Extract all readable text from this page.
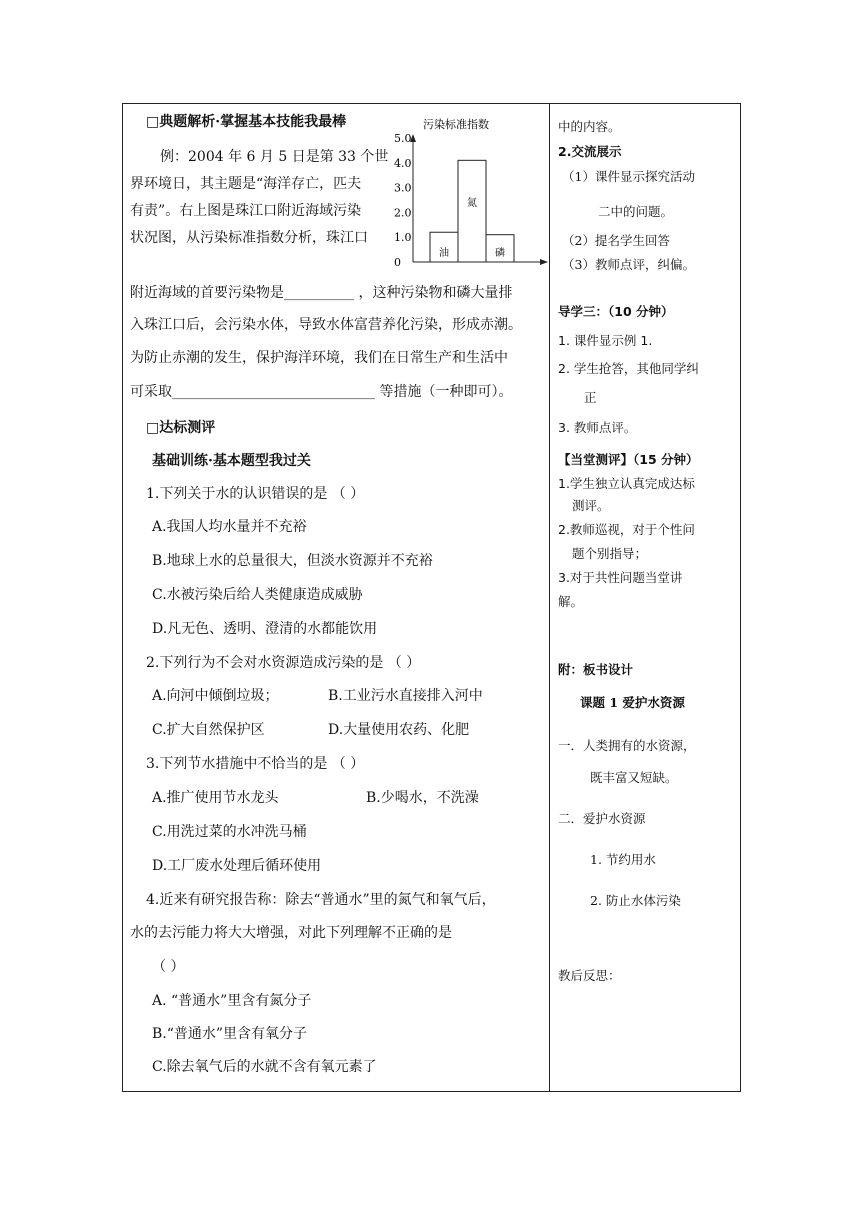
□典题解析·掌握基本技能我最棒
例：2004 年 6 月 5 日是第 33 个世
界环境日，其主题是“海洋存亡，匹夫
有责”。右上图是珠江口附近海域污染
状况图，从污染标准指数分析，珠江口
附近海域的首要污染物是__________ ，这种污染物和磷大量排
入珠江口后，会污染水体，导致水体富营养化污染，形成赤潮。
为防止赤潮的发生，保护海洋环境，我们在日常生产和生活中
可采取_____________________________ 等措施（一种即可）。
□达标测评
基础训练·基本题型我过关
1.下列关于水的认识错误的是 （ ）
A.我国人均水量并不充裕
B.地球上水的总量很大，但淡水资源并不充裕
C.水被污染后给人类健康造成威胁
D.凡无色、透明、澄清的水都能饮用
2.下列行为不会对水资源造成污染的是 （ ）
A.向河中倾倒垃圾；	B.工业污水直接排入河中
C.扩大自然保护区	D.大量使用农药、化肥
3.下列节水措施中不恰当的是 （ ）
A.推广使用节水龙头	B.少喝水，不洗澡
C.用洗过菜的水冲洗马桶
D.工厂废水处理后循环使用
4.近来有研究报告称：除去“普通水”里的氮气和氧气后，
水的去污能力将大大增强，对此下列理解不正确的是
（ ）
A. “普通水”里含有氮分子
B.“普通水”里含有氧分子
C.除去氧气后的水就不含有氧元素了
污染标准指数
0
1.0
2.0
3.0
4.0
5.0
油
氮
磷
中的内容。
2.交流展示
（1）课件显示探究活动
二中的问题。
（2）提名学生回答
（3）教师点评，纠偏。
导学三：（10 分钟）
1. 课件显示例 1.
2. 学生抢答，其他同学纠
正
3. 教师点评。
【当堂测评】（15 分钟）
1.学生独立认真完成达标
测评。
2.教师巡视，对于个性问
题个别指导；
3.对于共性问题当堂讲
解。
附：板书设计
课题 1 爱护水资源
一．人类拥有的水资源，
既丰富又短缺。
二．爱护水资源
1. 节约用水
2. 防止水体污染
教后反思：
